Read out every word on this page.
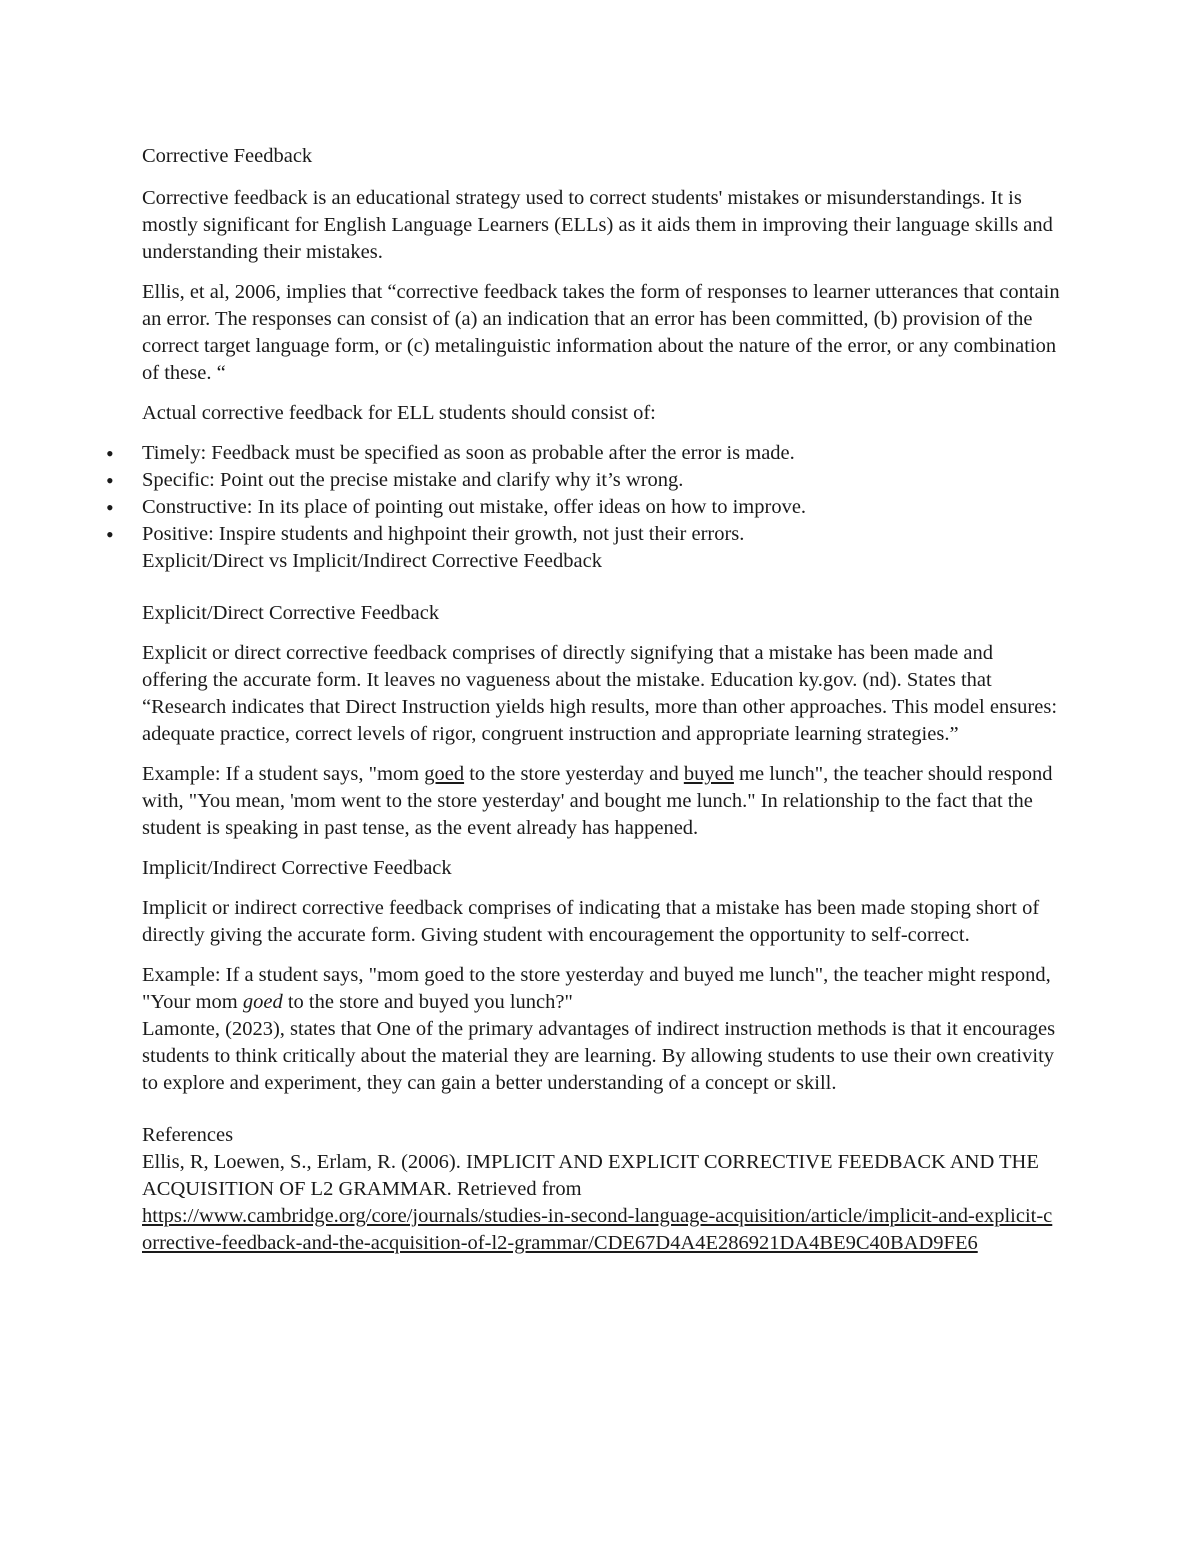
Corrective Feedback

Corrective feedback is an educational strategy used to correct students' mistakes or misunderstandings. It is mostly significant for English Language Learners (ELLs) as it aids them in improving their language skills and understanding their mistakes.

Ellis, et al, 2006, implies that “corrective feedback takes the form of responses to learner utterances that contain an error. The responses can consist of (a) an indication that an error has been committed, (b) provision of the correct target language form, or (c) metalinguistic information about the nature of the error, or any combination of these. “

Actual corrective feedback for ELL students should consist of:

• Timely: Feedback must be specified as soon as probable after the error is made.
• Specific: Point out the precise mistake and clarify why it’s wrong.
• Constructive: In its place of pointing out mistake, offer ideas on how to improve.
• Positive: Inspire students and highpoint their growth, not just their errors.

Explicit/Direct vs Implicit/Indirect Corrective Feedback

Explicit/Direct Corrective Feedback

Explicit or direct corrective feedback comprises of directly signifying that a mistake has been made and offering the accurate form. It leaves no vagueness about the mistake. Education ky.gov. (nd). States that “Research indicates that Direct Instruction yields high results, more than other approaches. This model ensures: adequate practice, correct levels of rigor, congruent instruction and appropriate learning strategies.”

Example: If a student says, "mom goed to the store yesterday and buyed me lunch", the teacher should respond with, "You mean, 'mom went to the store yesterday' and bought me lunch." In relationship to the fact that the student is speaking in past tense, as the event already has happened.

Implicit/Indirect Corrective Feedback

Implicit or indirect corrective feedback comprises of indicating that a mistake has been made stoping short of directly giving the accurate form. Giving student with encouragement the opportunity to self-correct.

Example: If a student says, "mom goed to the store yesterday and buyed me lunch", the teacher might respond, "Your mom goed to the store and buyed you lunch?"

Lamonte, (2023), states that One of the primary advantages of indirect instruction methods is that it encourages students to think critically about the material they are learning. By allowing students to use their own creativity to explore and experiment, they can gain a better understanding of a concept or skill.

References
Ellis, R, Loewen, S., Erlam, R. (2006). IMPLICIT AND EXPLICIT CORRECTIVE FEEDBACK AND THE ACQUISITION OF L2 GRAMMAR. Retrieved from
https://www.cambridge.org/core/journals/studies-in-second-language-acquisition/article/implicit-and-explicit-corrective-feedback-and-the-acquisition-of-l2-grammar/CDE67D4A4E286921DA4BE9C40BAD9FE6
